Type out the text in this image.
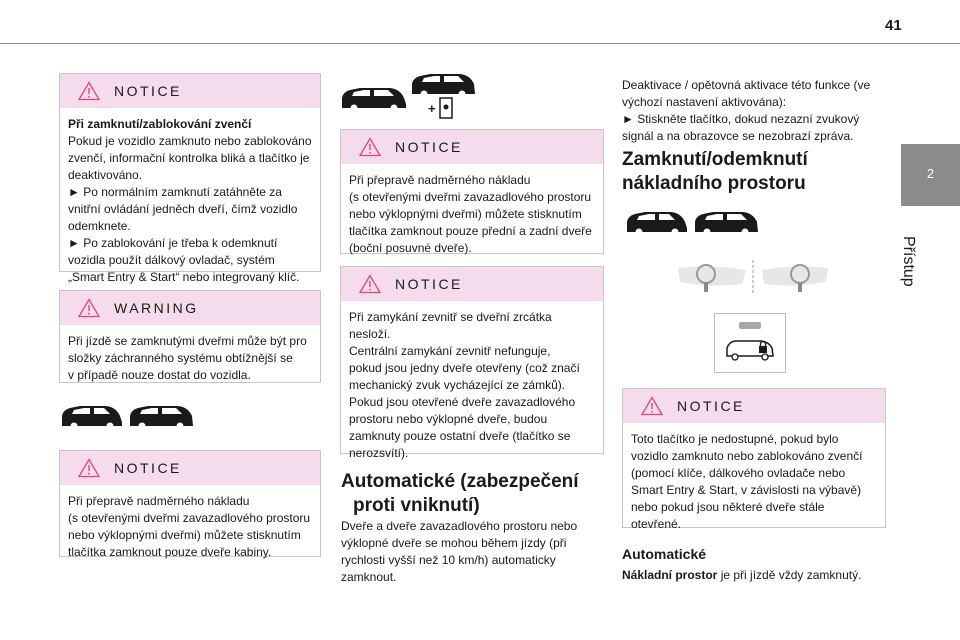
41
2
Přístup
NOTICE

Při zamknutí/zablokování zvenčí

Pokud je vozidlo zamknuto nebo zablokováno

zvenčí, informační kontrolka bliká a tlačítko je

deaktivováno.

► Po normálním zamknutí zatáhněte za

vnitřní ovládání jedněch dveří, čímž vozidlo

odemknete.

► Po zablokování je třeba k odemknutí

vozidla použít dálkový ovladač, systém

„Smart Entry & Start“ nebo integrovaný klíč.

WARNING

Při jízdě se zamknutými dveřmi může být pro

složky záchranného systému obtížnější se

v případě nouze dostat do vozidla.

NOTICE

Při přepravě nadměrného nákladu

(s otevřenými dveřmi zavazadlového prostoru

nebo výklopnými dveřmi) můžete stisknutím

tlačítka zamknout pouze dveře kabiny.

+
NOTICE

Při přepravě nadměrného nákladu

(s otevřenými dveřmi zavazadlového prostoru

nebo výklopnými dveřmi) můžete stisknutím

tlačítka zamknout pouze přední a zadní dveře

(boční posuvné dveře).

NOTICE

Při zamykání zevnitř se dveřní zrcátka

nesloží.

Centrální zamykání zevnitř nefunguje,

pokud jsou jedny dveře otevřeny (což značí

mechanický zvuk vycházející ze zámků).

Pokud jsou otevřené dveře zavazadlového

prostoru nebo výklopné dveře, budou

zamknuty pouze ostatní dveře (tlačítko se

nerozsvítí).

Automatické (zabezpečení
proti vniknutí)
Dveře a dveře zavazadlového prostoru nebo
výklopné dveře se mohou během jízdy (při
rychlosti vyšší než 10 km/h) automaticky
zamknout.
Deaktivace / opětovná aktivace této funkce (ve
výchozí nastavení aktivována):
► Stiskněte tlačítko, dokud nezazní zvukový
signál a na obrazovce se nezobrazí zpráva.
Zamknutí/odemknutí
nákladního prostoru
NOTICE

Toto tlačítko je nedostupné, pokud bylo

vozidlo zamknuto nebo zablokováno zvenčí

(pomocí klíče, dálkového ovladače nebo

Smart Entry & Start, v závislosti na výbavě)

nebo pokud jsou některé dveře stále

otevřené.

Automatické
Nákladní prostor je při jízdě vždy zamknutý.
